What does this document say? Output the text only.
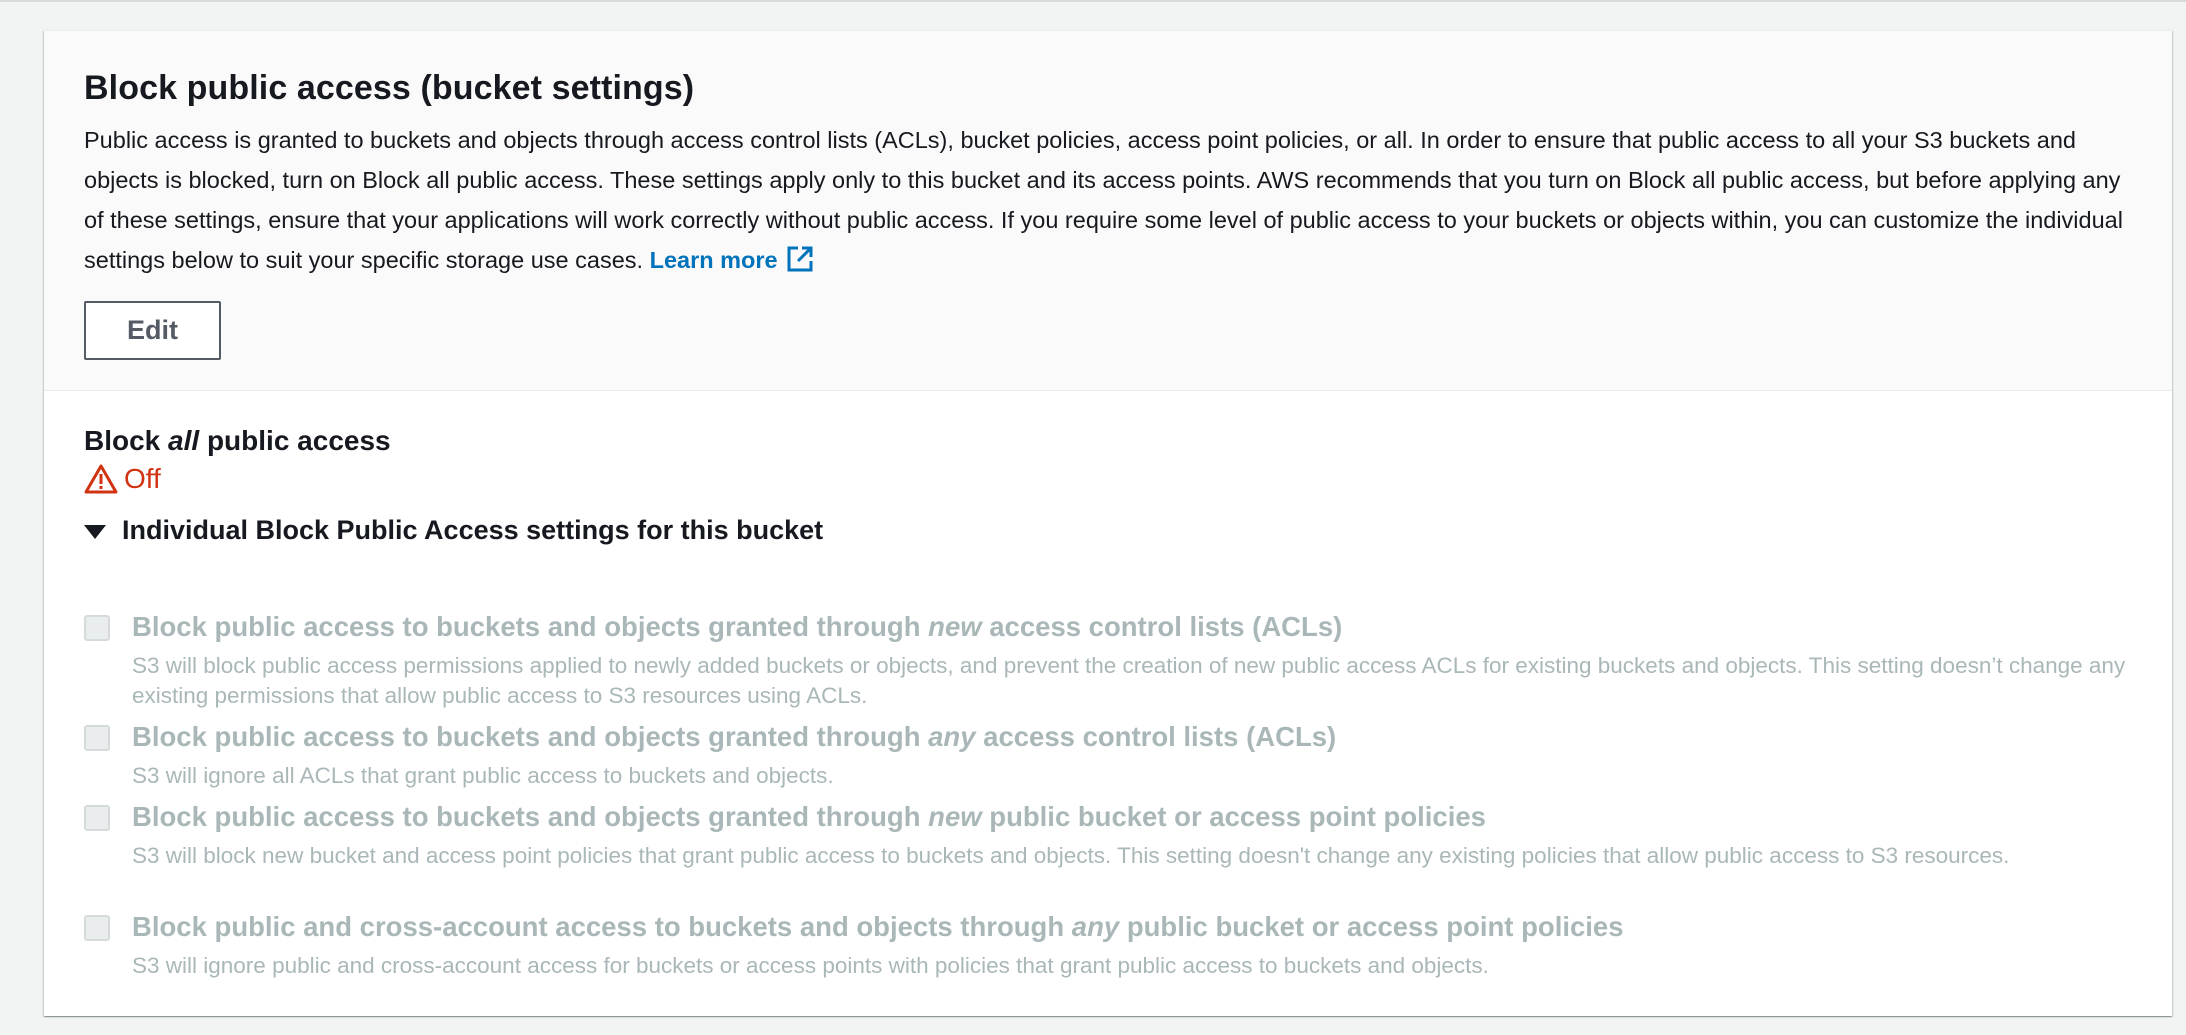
Block public access (bucket settings)

Public access is granted to buckets and objects through access control lists (ACLs), bucket policies, access point policies, or all. In order to ensure that public access to all your S3 buckets and objects is blocked, turn on Block all public access. These settings apply only to this bucket and its access points. AWS recommends that you turn on Block all public access, but before applying any of these settings, ensure that your applications will work correctly without public access. If you require some level of public access to your buckets or objects within, you can customize the individual settings below to suit your specific storage use cases. Learn more

Edit
Block all public access
Off
Individual Block Public Access settings for this bucket
Block public access to buckets and objects granted through new access control lists (ACLs)
S3 will block public access permissions applied to newly added buckets or objects, and prevent the creation of new public access ACLs for existing buckets and objects. This setting doesn’t change any existing permissions that allow public access to S3 resources using ACLs.
Block public access to buckets and objects granted through any access control lists (ACLs)
S3 will ignore all ACLs that grant public access to buckets and objects.
Block public access to buckets and objects granted through new public bucket or access point policies
S3 will block new bucket and access point policies that grant public access to buckets and objects. This setting doesn't change any existing policies that allow public access to S3 resources.
Block public and cross-account access to buckets and objects through any public bucket or access point policies
S3 will ignore public and cross-account access for buckets or access points with policies that grant public access to buckets and objects.
